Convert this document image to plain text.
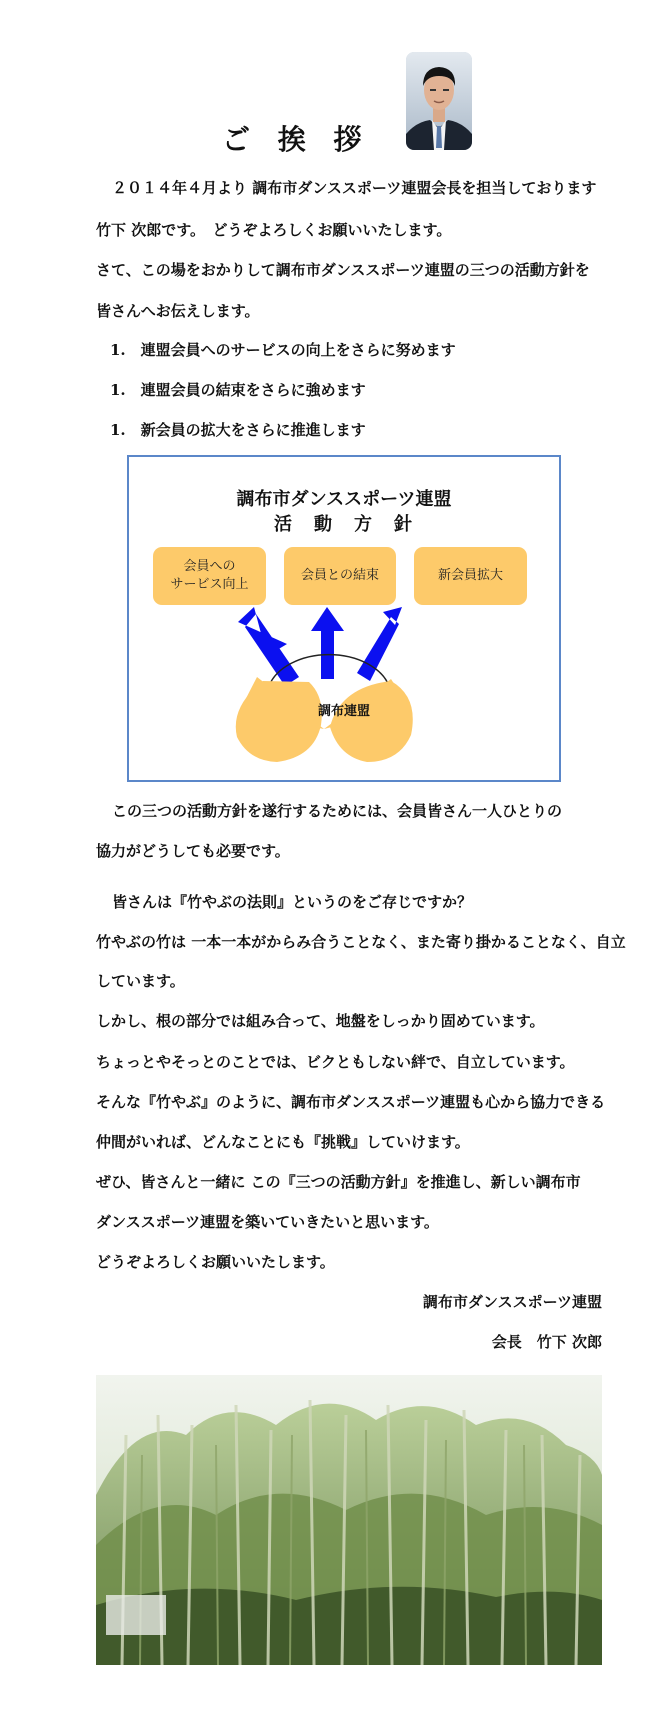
ご 挨 拶

２０１４年４月より 調布市ダンススポーツ連盟会長を担当しております

竹下 次郎です。　どうぞよろしくお願いいたします。

さて、この場をおかりして調布市ダンススポーツ連盟の三つの活動方針を

皆さんへお伝えします。

1.　連盟会員へのサービスの向上をさらに努めます

1.　連盟会員の結束をさらに強めます

1.　新会員の拡大をさらに推進します

調布市ダンススポーツ連盟

活　動　方　針

会員への
サービス向上
会員との結束	新会員拡大
調布連盟

この三つの活動方針を遂行するためには、会員皆さん一人ひとりの

協力がどうしても必要です。

皆さんは『竹やぶの法則』というのをご存じですか？

竹やぶの竹は 一本一本がからみ合うことなく、また寄り掛かることなく、自立

しています。

しかし、根の部分では組み合って、地盤をしっかり固めています。

ちょっとやそっとのことでは、ビクともしない絆で、自立しています。

そんな『竹やぶ』のように、調布市ダンススポーツ連盟も心から協力できる

仲間がいれば、どんなことにも『挑戦』していけます。

ぜひ、皆さんと一緒に この『三つの活動方針』を推進し、新しい調布市

ダンススポーツ連盟を築いていきたいと思います。

どうぞよろしくお願いいたします。

調布市ダンススポーツ連盟

会長　竹下 次郎
